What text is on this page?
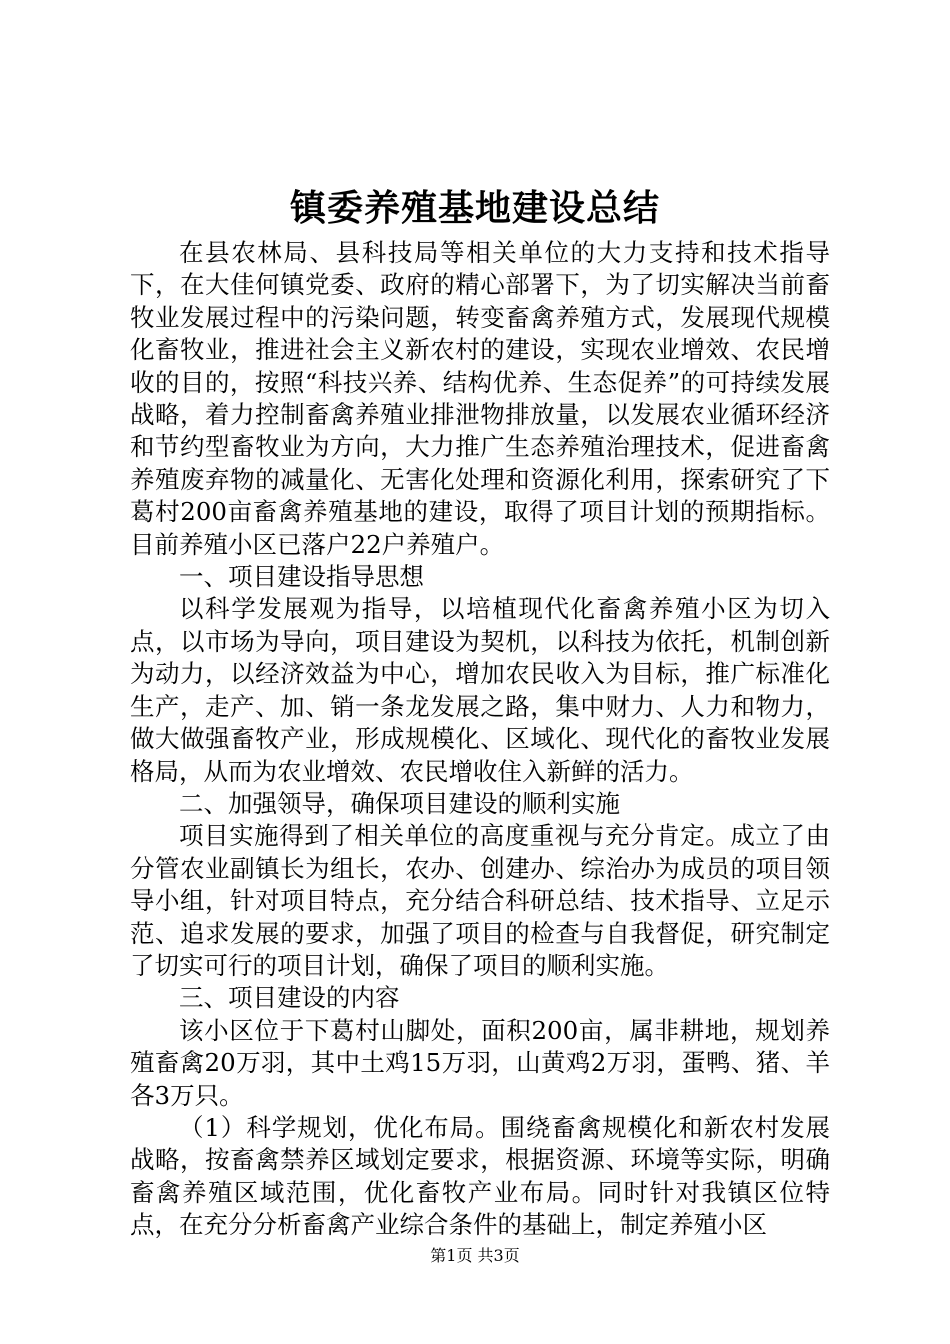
镇委养殖基地建设总结

在县农林局、县科技局等相关单位的大力支持和技术指导下，在大佳何镇党委、政府的精心部署下，为了切实解决当前畜牧业发展过程中的污染问题，转变畜禽养殖方式，发展现代规模化畜牧业，推进社会主义新农村的建设，实现农业增效、农民增收的目的，按照“科技兴养、结构优养、生态促养”的可持续发展战略，着力控制畜禽养殖业排泄物排放量，以发展农业循环经济和节约型畜牧业为方向，大力推广生态养殖治理技术，促进畜禽养殖废弃物的减量化、无害化处理和资源化利用，探索研究了下葛村200亩畜禽养殖基地的建设，取得了项目计划的预期指标。目前养殖小区已落户22户养殖户。

一、项目建设指导思想

以科学发展观为指导，以培植现代化畜禽养殖小区为切入点，以市场为导向，项目建设为契机，以科技为依托，机制创新为动力，以经济效益为中心，增加农民收入为目标，推广标准化生产，走产、加、销一条龙发展之路，集中财力、人力和物力，做大做强畜牧产业，形成规模化、区域化、现代化的畜牧业发展格局，从而为农业增效、农民增收住入新鲜的活力。

二、加强领导，确保项目建设的顺利实施

项目实施得到了相关单位的高度重视与充分肯定。成立了由分管农业副镇长为组长，农办、创建办、综治办为成员的项目领导小组，针对项目特点，充分结合科研总结、技术指导、立足示范、追求发展的要求，加强了项目的检查与自我督促，研究制定了切实可行的项目计划，确保了项目的顺利实施。

三、项目建设的内容

该小区位于下葛村山脚处，面积200亩，属非耕地，规划养殖畜禽20万羽，其中土鸡15万羽，山黄鸡2万羽，蛋鸭、猪、羊各3万只。

（1）科学规划，优化布局。围绕畜禽规模化和新农村发展战略，按畜禽禁养区域划定要求，根据资源、环境等实际，明确畜禽养殖区域范围，优化畜牧产业布局。同时针对我镇区位特点，在充分分析畜禽产业综合条件的基础上，制定养殖小区

第1页 共3页
